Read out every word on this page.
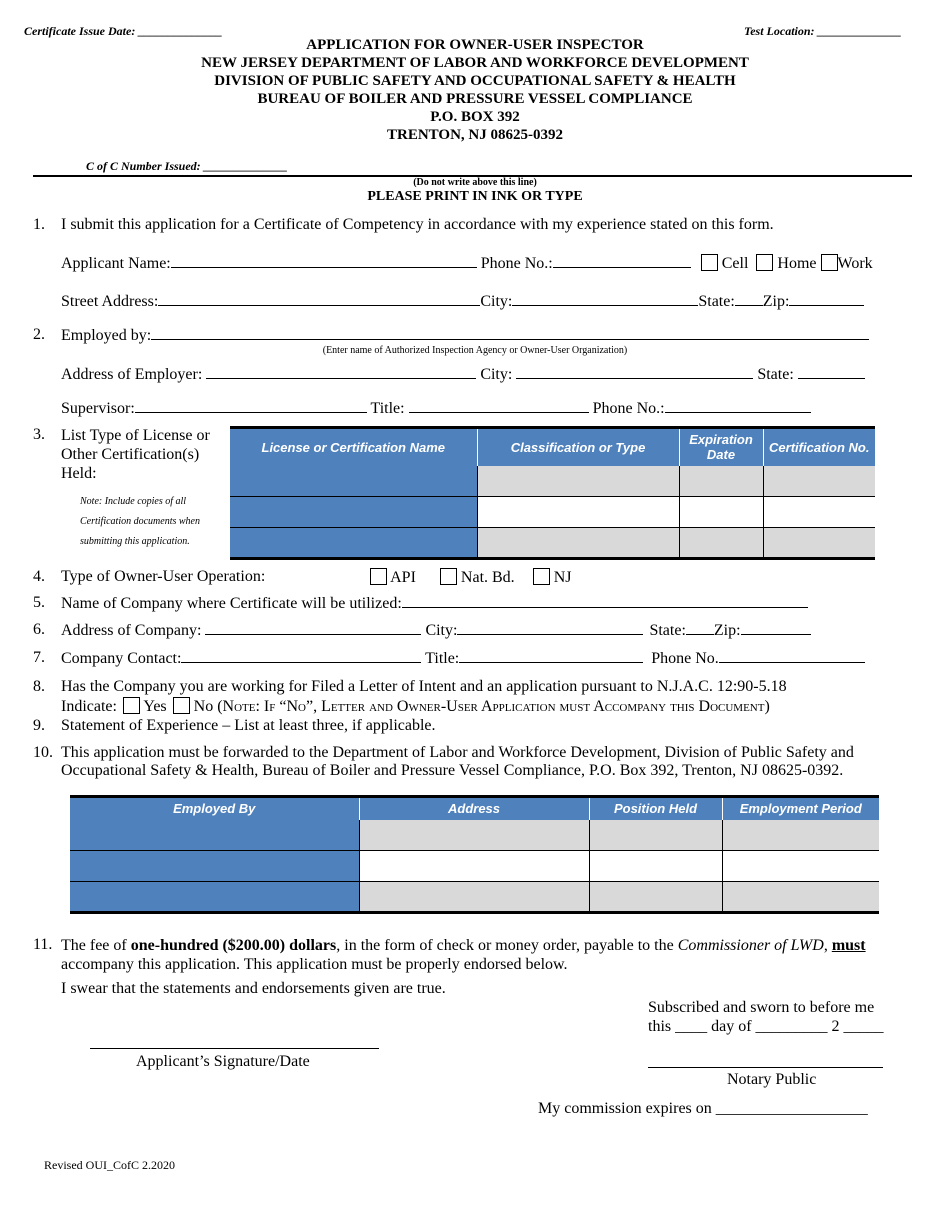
Certificate Issue Date: ______________	Test Location: ______________
APPLICATION FOR OWNER-USER INSPECTOR
NEW JERSEY DEPARTMENT OF LABOR AND WORKFORCE DEVELOPMENT
DIVISION OF PUBLIC SAFETY AND OCCUPATIONAL SAFETY & HEALTH
BUREAU OF BOILER AND PRESSURE VESSEL COMPLIANCE
P.O. BOX 392
TRENTON, NJ 08625-0392
C of C Number Issued: ______________
(Do not write above this line)
PLEASE PRINT IN INK OR TYPE
1. I submit this application for a Certificate of Competency in accordance with my experience stated on this form.
Applicant Name:	Phone No.:	Cell Home Work
Street Address:	City:	State: Zip:
2. Employed by:
(Enter name of Authorized Inspection Agency or Owner-User Organization)
Address of Employer:	City:	State:
Supervisor:	Title:	Phone No.:
3. List Type of License or
Other Certification(s)
Held:
Note: Include copies of all
Certification documents when
submitting this application.
License or Certification Name	Classification or Type	Expiration Date	Certification No.

4. Type of Owner-User Operation:	API	Nat. Bd. NJ
5. Name of Company where Certificate will be utilized:
6. Address of Company:	City:	State: Zip:
7. Company Contact:	Title:	Phone No.
8. Has the Company you are working for Filed a Letter of Intent and an application pursuant to N.J.A.C. 12:90-5.18
Indicate: Yes No (Note: If “No”, Letter and Owner-User Application must Accompany this Document)
9. Statement of Experience – List at least three, if applicable.
10. This application must be forwarded to the Department of Labor and Workforce Development, Division of Public Safety and
Occupational Safety & Health, Bureau of Boiler and Pressure Vessel Compliance, P.O. Box 392, Trenton, NJ 08625-0392.
Employed By	Address	Position Held	Employment Period

11. The fee of one-hundred ($200.00) dollars, in the form of check or money order, payable to the Commissioner of LWD, must
accompany this application. This application must be properly endorsed below.
I swear that the statements and endorsements given are true.
Subscribed and sworn to before me
this ____ day of _________ 2 _____
Applicant’s Signature/Date
Notary Public
My commission expires on ___________________
Revised OUI_CofC 2.2020
